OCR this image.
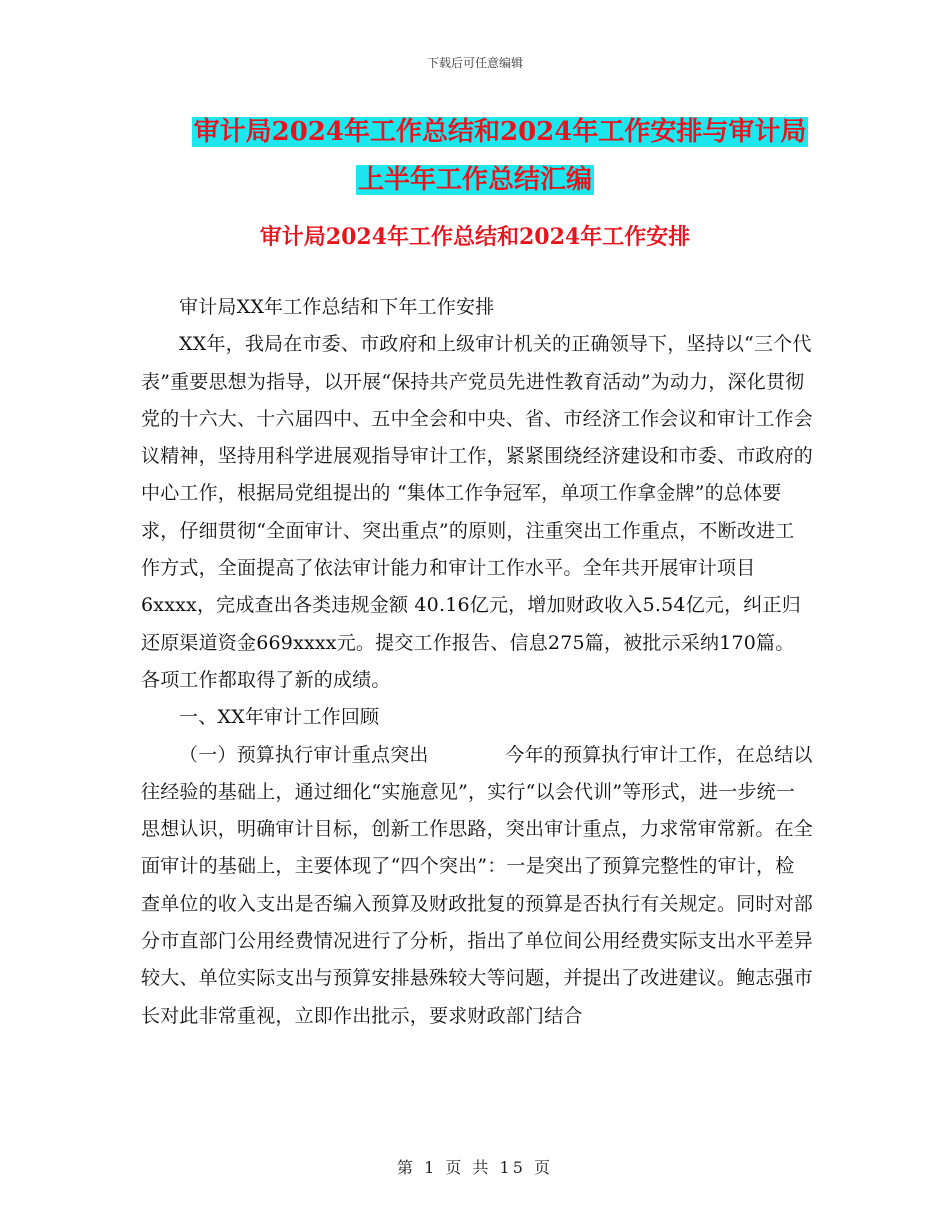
下载后可任意编辑
审计局2024年工作总结和2024年工作安排与审计局
上半年工作总结汇编
审计局2024年工作总结和2024年工作安排

审计局XX年工作总结和下年工作安排

XX年，我局在市委、市政府和上级审计机关的正确领导下，坚持以“三个代表”重要思想为指导，以开展“保持共产党员先进性教育活动”为动力，深化贯彻党的十六大、十六届四中、五中全会和中央、省、市经济工作会议和审计工作会议精神，坚持用科学进展观指导审计工作，紧紧围绕经济建设和市委、市政府的中心工作，根据局党组提出的 “集体工作争冠军，单项工作拿金牌”的总体要求，仔细贯彻“全面审计、突出重点”的原则，注重突出工作重点，不断改进工作方式，全面提高了依法审计能力和审计工作水平。全年共开展审计项目6xxxx，完成查出各类违规金额 40.16亿元，增加财政收入5.54亿元，纠正归还原渠道资金669xxxx元。提交工作报告、信息275篇，被批示采纳170篇。各项工作都取得了新的成绩。

一、XX年审计工作回顾

（一）预算执行审计重点突出　　　　今年的预算执行审计工作，在总结以往经验的基础上，通过细化“实施意见”，实行“以会代训”等形式，进一步统一思想认识，明确审计目标，创新工作思路，突出审计重点，力求常审常新。在全面审计的基础上，主要体现了“四个突出”：一是突出了预算完整性的审计，检查单位的收入支出是否编入预算及财政批复的预算是否执行有关规定。同时对部分市直部门公用经费情况进行了分析，指出了单位间公用经费实际支出水平差异较大、单位实际支出与预算安排悬殊较大等问题，并提出了改进建议。鲍志强市长对此非常重视，立即作出批示，要求财政部门结合

第 1 页 共 15 页
